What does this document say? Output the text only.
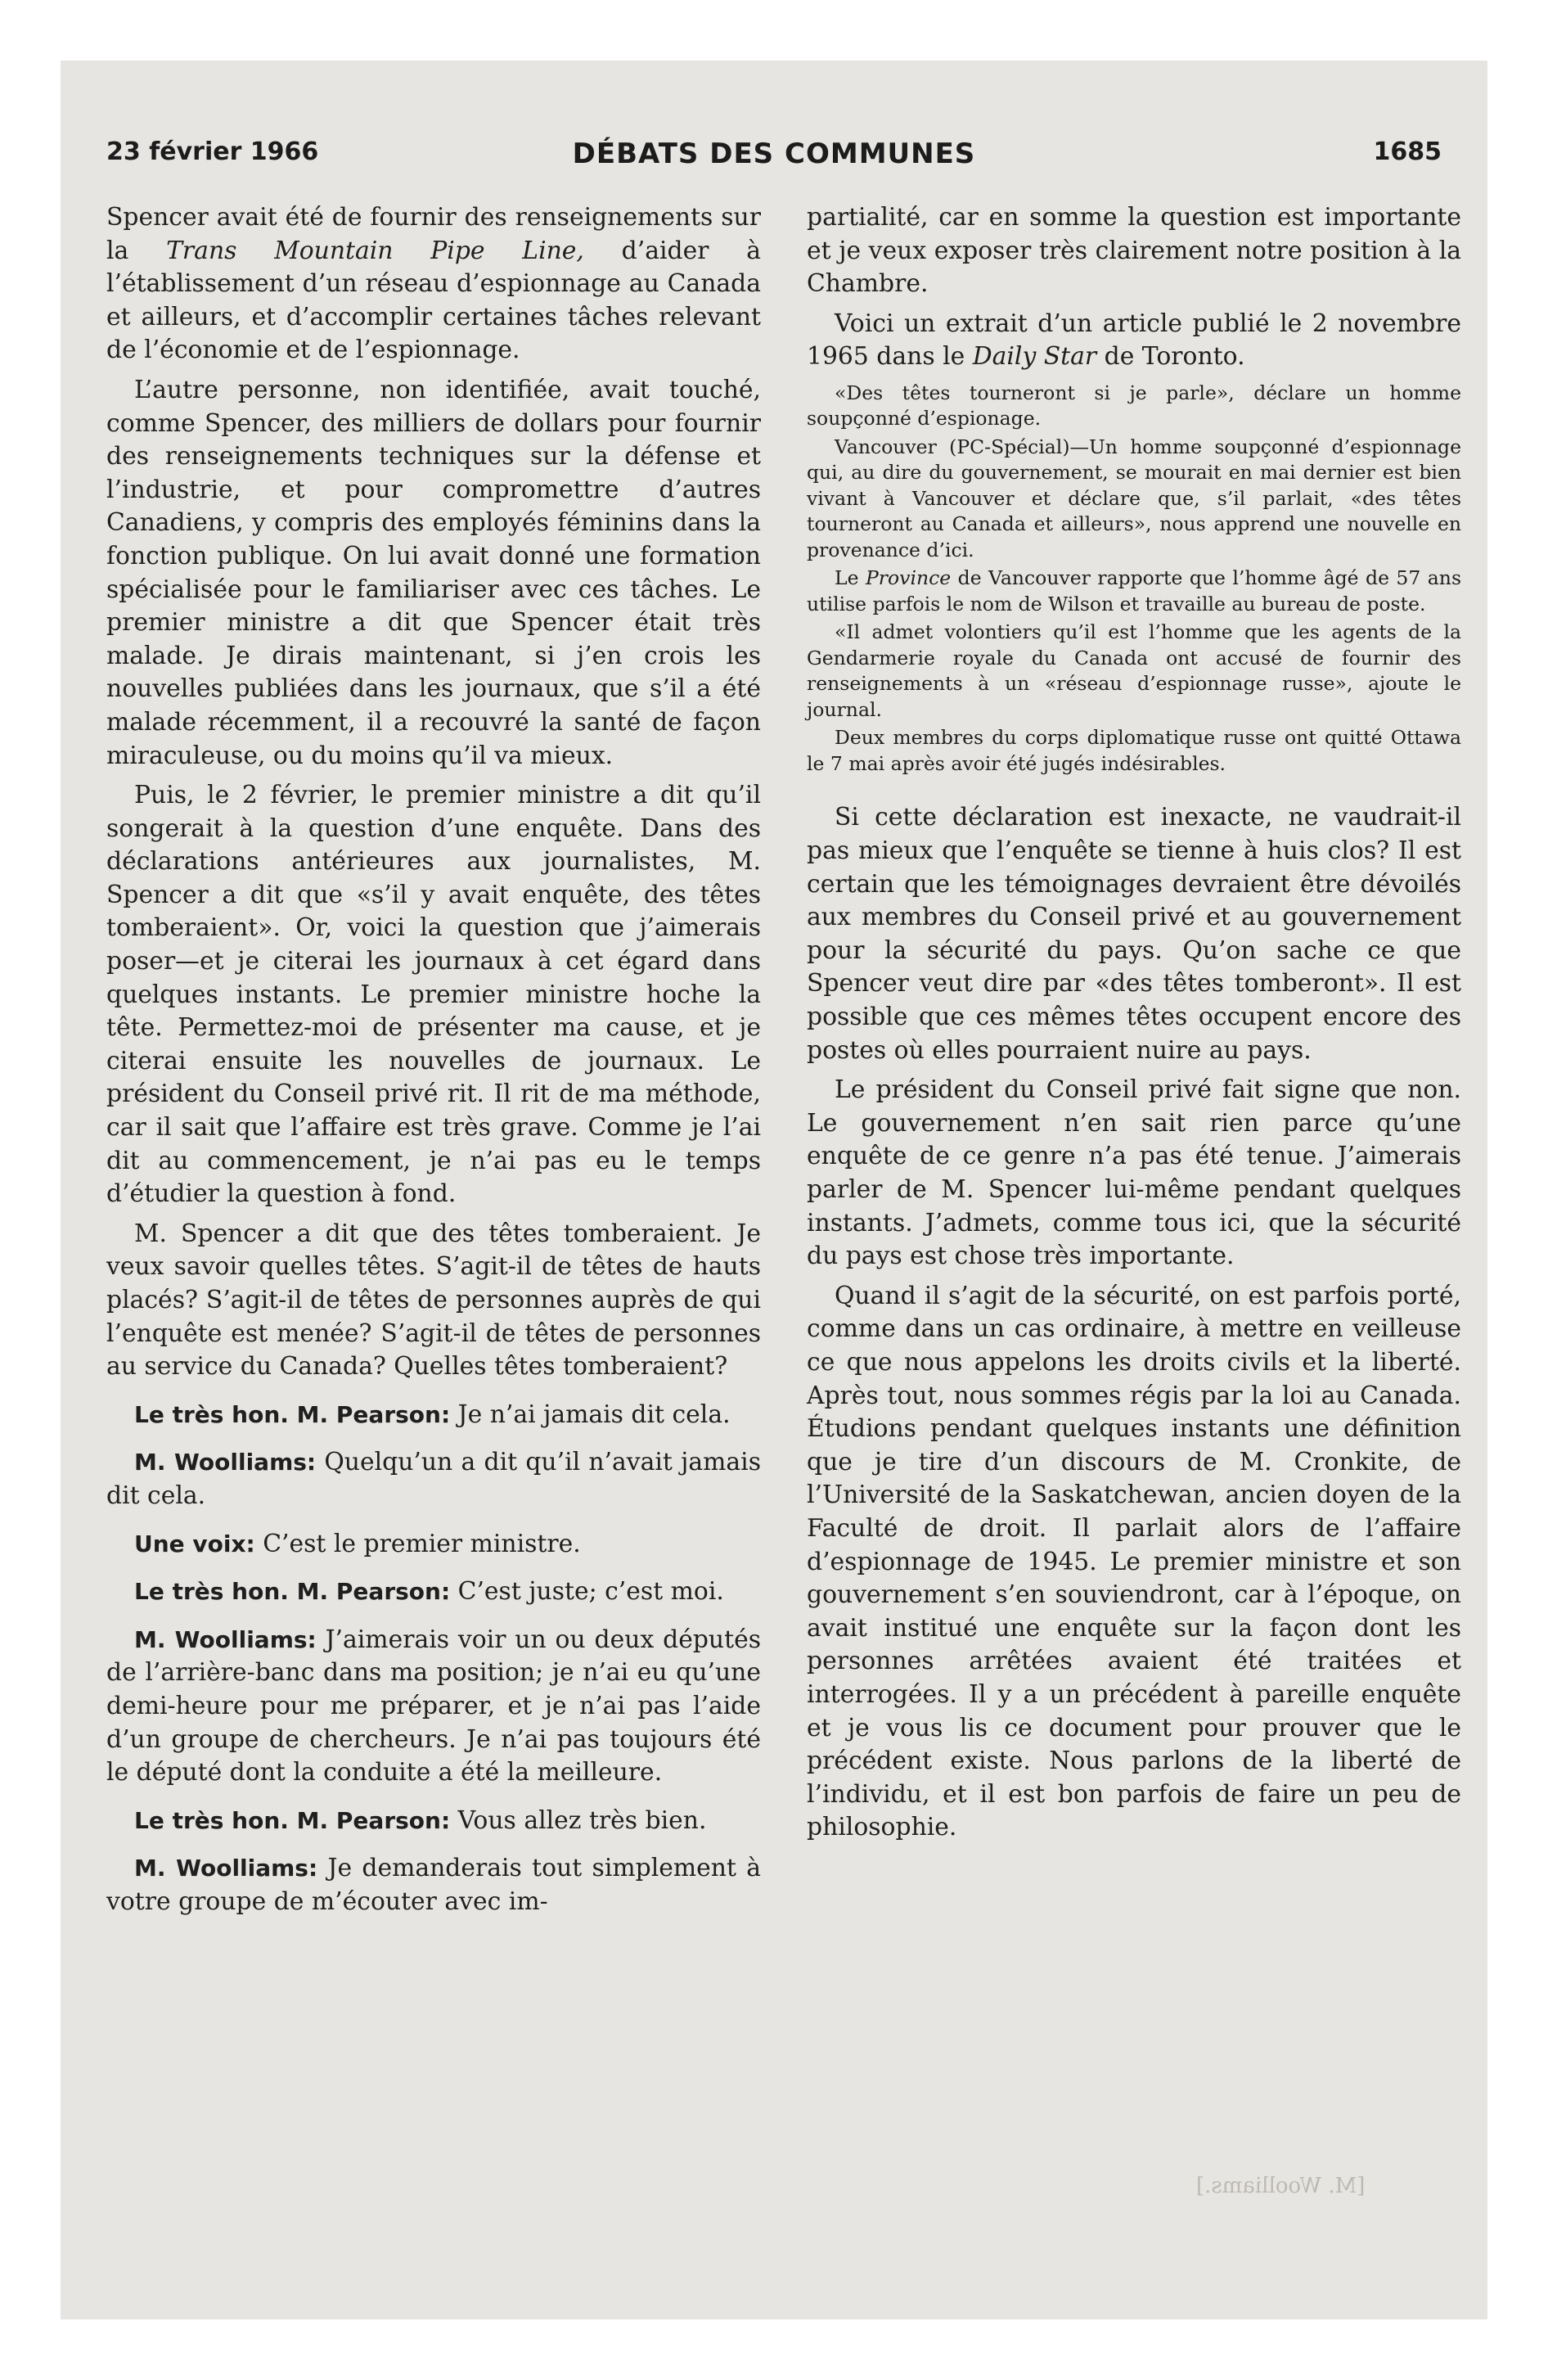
23 février 1966	DÉBATS DES COMMUNES	1685

Spencer avait été de fournir des renseignements sur la Trans Mountain Pipe Line, d’aider à l’établissement d’un réseau d’espionnage au Canada et ailleurs, et d’accomplir certaines tâches relevant de l’économie et de l’espionnage.

L’autre personne, non identifiée, avait touché, comme Spencer, des milliers de dollars pour fournir des renseignements techniques sur la défense et l’industrie, et pour compromettre d’autres Canadiens, y compris des employés féminins dans la fonction publique. On lui avait donné une formation spécialisée pour le familiariser avec ces tâches. Le premier ministre a dit que Spencer était très malade. Je dirais maintenant, si j’en crois les nouvelles publiées dans les journaux, que s’il a été malade récemment, il a recouvré la santé de façon miraculeuse, ou du moins qu’il va mieux.

Puis, le 2 février, le premier ministre a dit qu’il songerait à la question d’une enquête. Dans des déclarations antérieures aux journalistes, M. Spencer a dit que «s’il y avait enquête, des têtes tomberaient». Or, voici la question que j’aimerais poser—et je citerai les journaux à cet égard dans quelques instants. Le premier ministre hoche la tête. Permettez-moi de présenter ma cause, et je citerai ensuite les nouvelles de journaux. Le président du Conseil privé rit. Il rit de ma méthode, car il sait que l’affaire est très grave. Comme je l’ai dit au commencement, je n’ai pas eu le temps d’étudier la question à fond.

M. Spencer a dit que des têtes tomberaient. Je veux savoir quelles têtes. S’agit-il de têtes de hauts placés? S’agit-il de têtes de personnes auprès de qui l’enquête est menée? S’agit-il de têtes de personnes au service du Canada? Quelles têtes tomberaient?

Le très hon. M. Pearson: Je n’ai jamais dit cela.

M. Woolliams: Quelqu’un a dit qu’il n’avait jamais dit cela.

Une voix: C’est le premier ministre.

Le très hon. M. Pearson: C’est juste; c’est moi.

M. Woolliams: J’aimerais voir un ou deux députés de l’arrière-banc dans ma position; je n’ai eu qu’une demi-heure pour me préparer, et je n’ai pas l’aide d’un groupe de chercheurs. Je n’ai pas toujours été le député dont la conduite a été la meilleure.

Le très hon. M. Pearson: Vous allez très bien.

M. Woolliams: Je demanderais tout simplement à votre groupe de m’écouter avec im-

partialité, car en somme la question est importante et je veux exposer très clairement notre position à la Chambre.

Voici un extrait d’un article publié le 2 novembre 1965 dans le Daily Star de Toronto.

«Des têtes tourneront si je parle», déclare un homme soupçonné d’espionage.

Vancouver (PC-Spécial)—Un homme soupçonné d’espionnage qui, au dire du gouvernement, se mourait en mai dernier est bien vivant à Vancouver et déclare que, s’il parlait, «des têtes tourneront au Canada et ailleurs», nous apprend une nouvelle en provenance d’ici.

Le Province de Vancouver rapporte que l’homme âgé de 57 ans utilise parfois le nom de Wilson et travaille au bureau de poste.

«Il admet volontiers qu’il est l’homme que les agents de la Gendarmerie royale du Canada ont accusé de fournir des renseignements à un «réseau d’espionnage russe», ajoute le journal.

Deux membres du corps diplomatique russe ont quitté Ottawa le 7 mai après avoir été jugés indésirables.

Si cette déclaration est inexacte, ne vaudrait-il pas mieux que l’enquête se tienne à huis clos? Il est certain que les témoignages devraient être dévoilés aux membres du Conseil privé et au gouvernement pour la sécurité du pays. Qu’on sache ce que Spencer veut dire par «des têtes tomberont». Il est possible que ces mêmes têtes occupent encore des postes où elles pourraient nuire au pays.

Le président du Conseil privé fait signe que non. Le gouvernement n’en sait rien parce qu’une enquête de ce genre n’a pas été tenue. J’aimerais parler de M. Spencer lui-même pendant quelques instants. J’admets, comme tous ici, que la sécurité du pays est chose très importante.

Quand il s’agit de la sécurité, on est parfois porté, comme dans un cas ordinaire, à mettre en veilleuse ce que nous appelons les droits civils et la liberté. Après tout, nous sommes régis par la loi au Canada. Étudions pendant quelques instants une définition que je tire d’un discours de M. Cronkite, de l’Université de la Saskatchewan, ancien doyen de la Faculté de droit. Il parlait alors de l’affaire d’espionnage de 1945. Le premier ministre et son gouvernement s’en souviendront, car à l’époque, on avait institué une enquête sur la façon dont les personnes arrêtées avaient été traitées et interrogées. Il y a un précédent à pareille enquête et je vous lis ce document pour prouver que le précédent existe. Nous parlons de la liberté de l’individu, et il est bon parfois de faire un peu de philosophie.

[M. Woolliams.]
